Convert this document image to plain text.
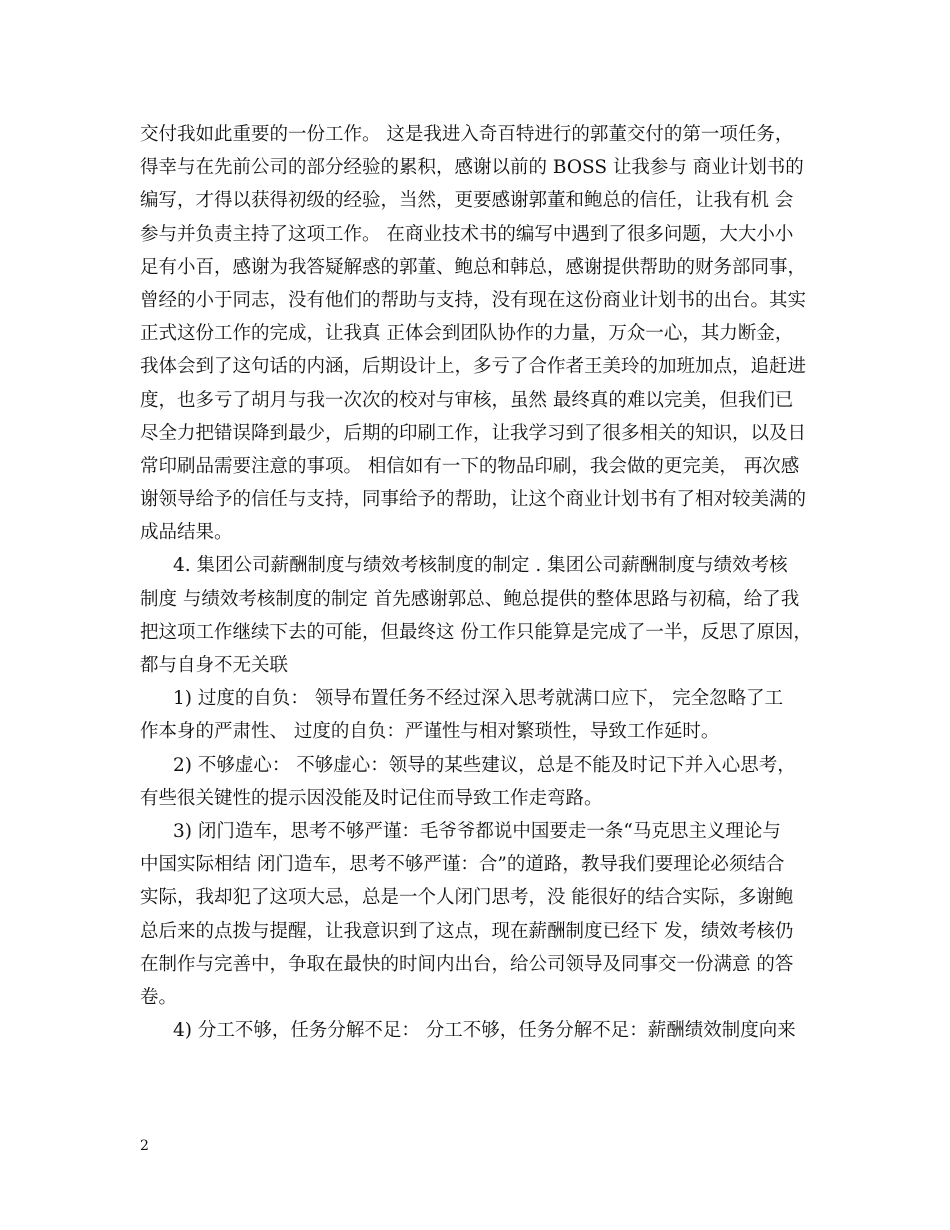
交付我如此重要的一份工作。 这是我进入奇百特进行的郭董交付的第一项任务，
得幸与在先前公司的部分经验的累积，感谢以前的 BOSS 让我参与 商业计划书的
编写，才得以获得初级的经验，当然，更要感谢郭董和鲍总的信任，让我有机 会
参与并负责主持了这项工作。 在商业技术书的编写中遇到了很多问题，大大小小
足有小百，感谢为我答疑解惑的郭董、鲍总和韩总，感谢提供帮助的财务部同事，
曾经的小于同志，没有他们的帮助与支持，没有现在这份商业计划书的出台。其实
正式这份工作的完成，让我真 正体会到团队协作的力量，万众一心，其力断金，
我体会到了这句话的内涵，后期设计上，多亏了合作者王美玲的加班加点，追赶进
度，也多亏了胡月与我一次次的校对与审核，虽然 最终真的难以完美，但我们已
尽全力把错误降到最少，后期的印刷工作，让我学习到了很多相关的知识，以及日
常印刷品需要注意的事项。 相信如有一下的物品印刷，我会做的更完美， 再次感
谢领导给予的信任与支持，同事给予的帮助，让这个商业计划书有了相对较美满的
成品结果。
4. 集团公司薪酬制度与绩效考核制度的制定 . 集团公司薪酬制度与绩效考核
制度 与绩效考核制度的制定 首先感谢郭总、鲍总提供的整体思路与初稿，给了我
把这项工作继续下去的可能，但最终这 份工作只能算是完成了一半，反思了原因，
都与自身不无关联
1) 过度的自负： 领导布置任务不经过深入思考就满口应下， 完全忽略了工
作本身的严肃性、 过度的自负：严谨性与相对繁琐性，导致工作延时。
2) 不够虚心： 不够虚心：领导的某些建议，总是不能及时记下并入心思考，
有些很关键性的提示因没能及时记住而导致工作走弯路。
3) 闭门造车，思考不够严谨：毛爷爷都说中国要走一条“马克思主义理论与
中国实际相结 闭门造车，思考不够严谨：合”的道路，教导我们要理论必须结合
实际，我却犯了这项大忌，总是一个人闭门思考，没 能很好的结合实际，多谢鲍
总后来的点拨与提醒，让我意识到了这点，现在薪酬制度已经下 发，绩效考核仍
在制作与完善中，争取在最快的时间内出台，给公司领导及同事交一份满意 的答
卷。
4) 分工不够，任务分解不足： 分工不够，任务分解不足：薪酬绩效制度向来
2
